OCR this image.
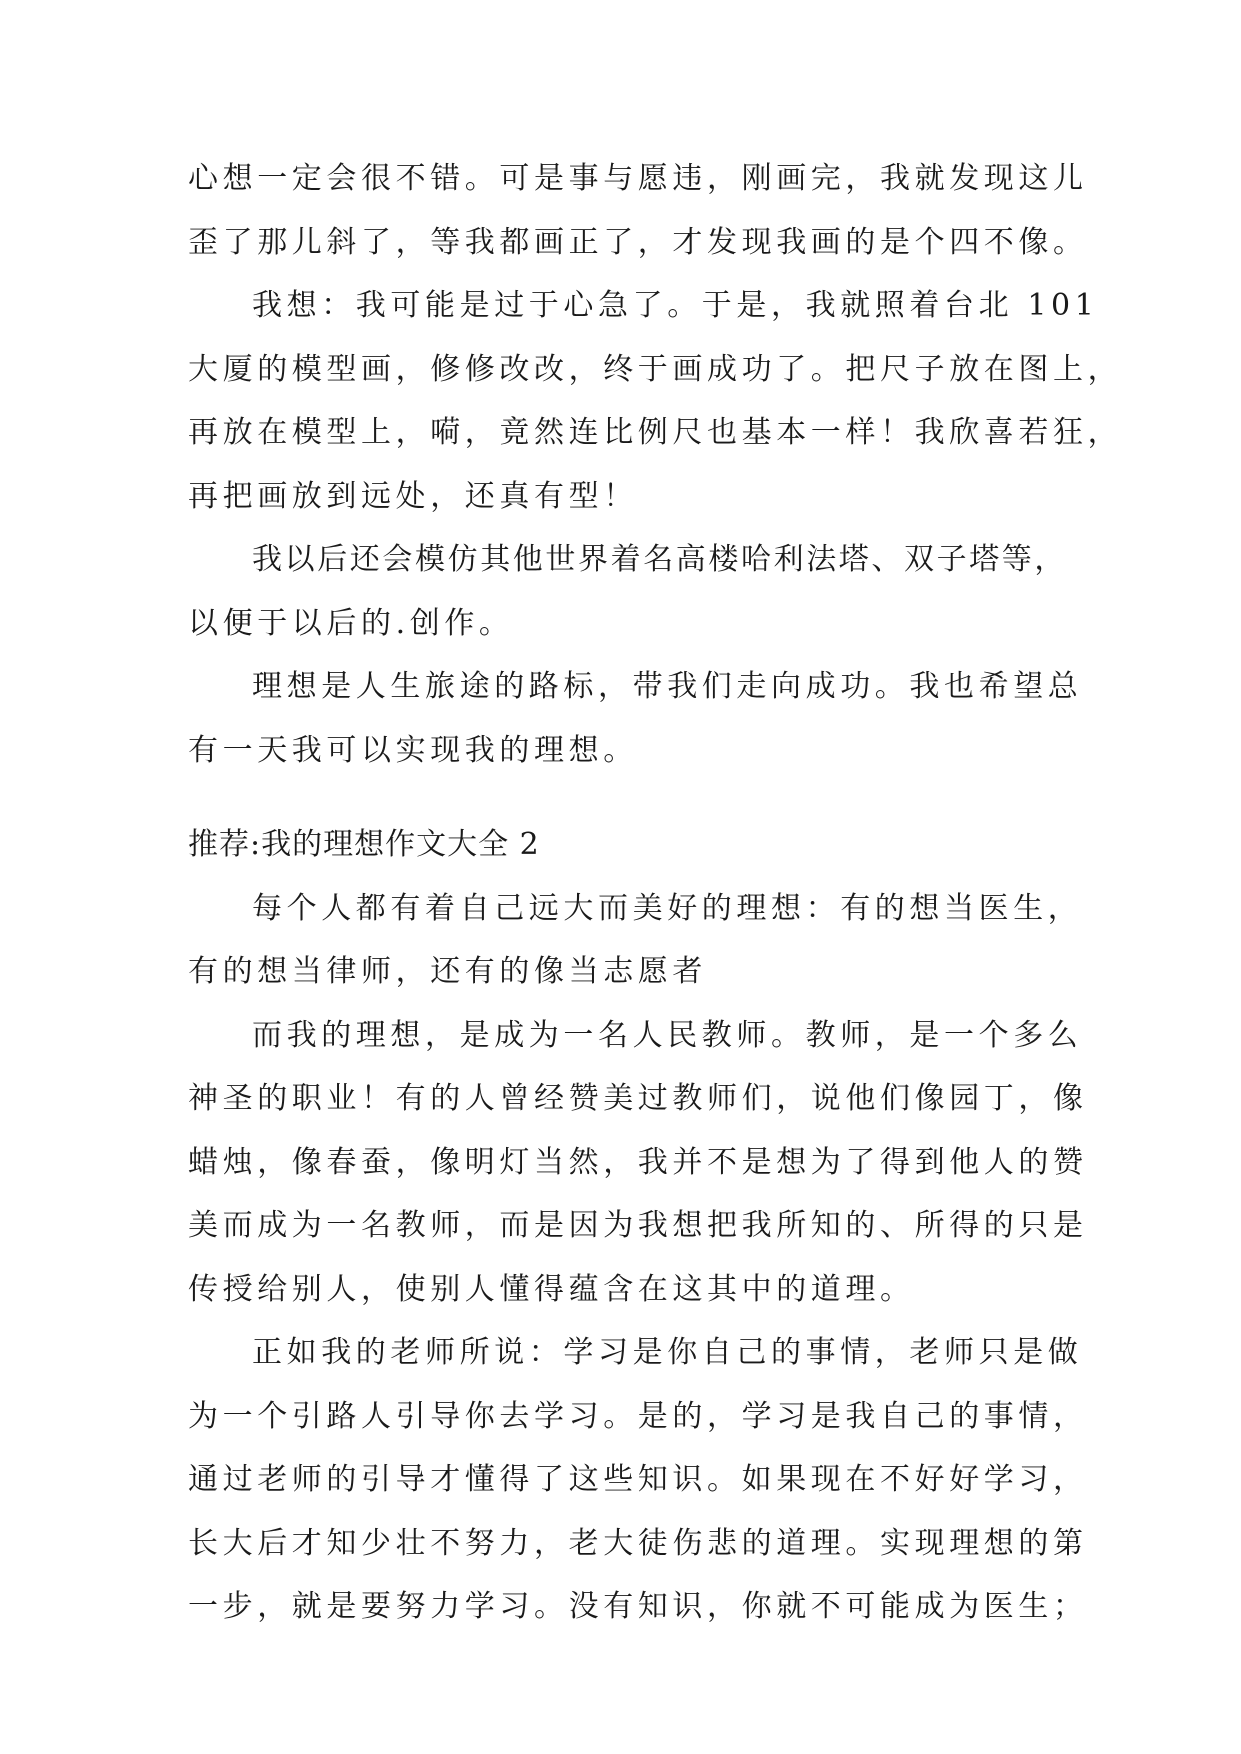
心想一定会很不错。可是事与愿违，刚画完，我就发现这儿
歪了那儿斜了，等我都画正了，才发现我画的是个四不像。
我想：我可能是过于心急了。于是，我就照着台北 101
大厦的模型画，修修改改，终于画成功了。把尺子放在图上，
再放在模型上，嗬，竟然连比例尺也基本一样！我欣喜若狂，
再把画放到远处，还真有型！
我以后还会模仿其他世界着名高楼哈利法塔、双子塔等，
以便于以后的.创作。
理想是人生旅途的路标，带我们走向成功。我也希望总
有一天我可以实现我的理想。
推荐:我的理想作文大全 2
每个人都有着自己远大而美好的理想：有的想当医生，
有的想当律师，还有的像当志愿者
而我的理想，是成为一名人民教师。教师，是一个多么
神圣的职业！有的人曾经赞美过教师们，说他们像园丁，像
蜡烛，像春蚕，像明灯当然，我并不是想为了得到他人的赞
美而成为一名教师，而是因为我想把我所知的、所得的只是
传授给别人，使别人懂得蕴含在这其中的道理。
正如我的老师所说：学习是你自己的事情，老师只是做
为一个引路人引导你去学习。是的，学习是我自己的事情，
通过老师的引导才懂得了这些知识。如果现在不好好学习，
长大后才知少壮不努力，老大徒伤悲的道理。实现理想的第
一步，就是要努力学习。没有知识，你就不可能成为医生；
